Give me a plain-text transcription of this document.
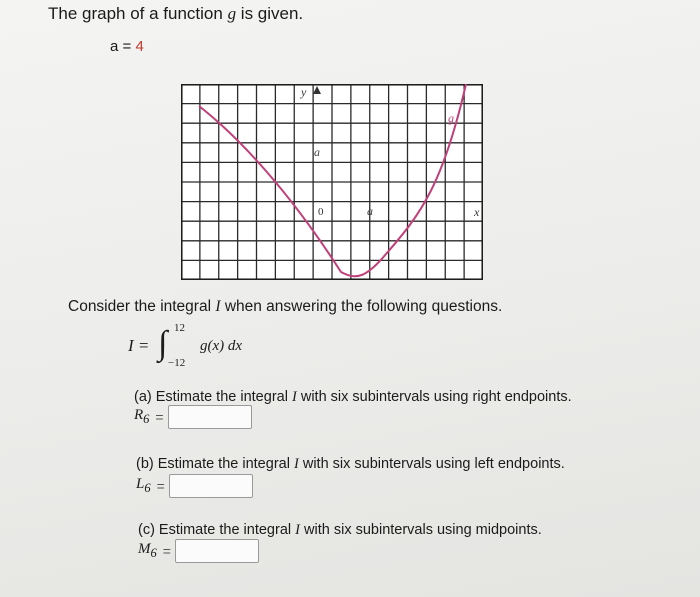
The graph of a function g is given.
a = 4
y
x
g
a
0	a
Consider the integral I when answering the following questions.
I = ∫ 12
−12
g(x) dx
(a) Estimate the integral I with six subintervals using right endpoints.
$R_6$ =
(b) Estimate the integral I with six subintervals using left endpoints.
$L_6$ =
(c) Estimate the integral I with six subintervals using midpoints.
$M_6$ =
